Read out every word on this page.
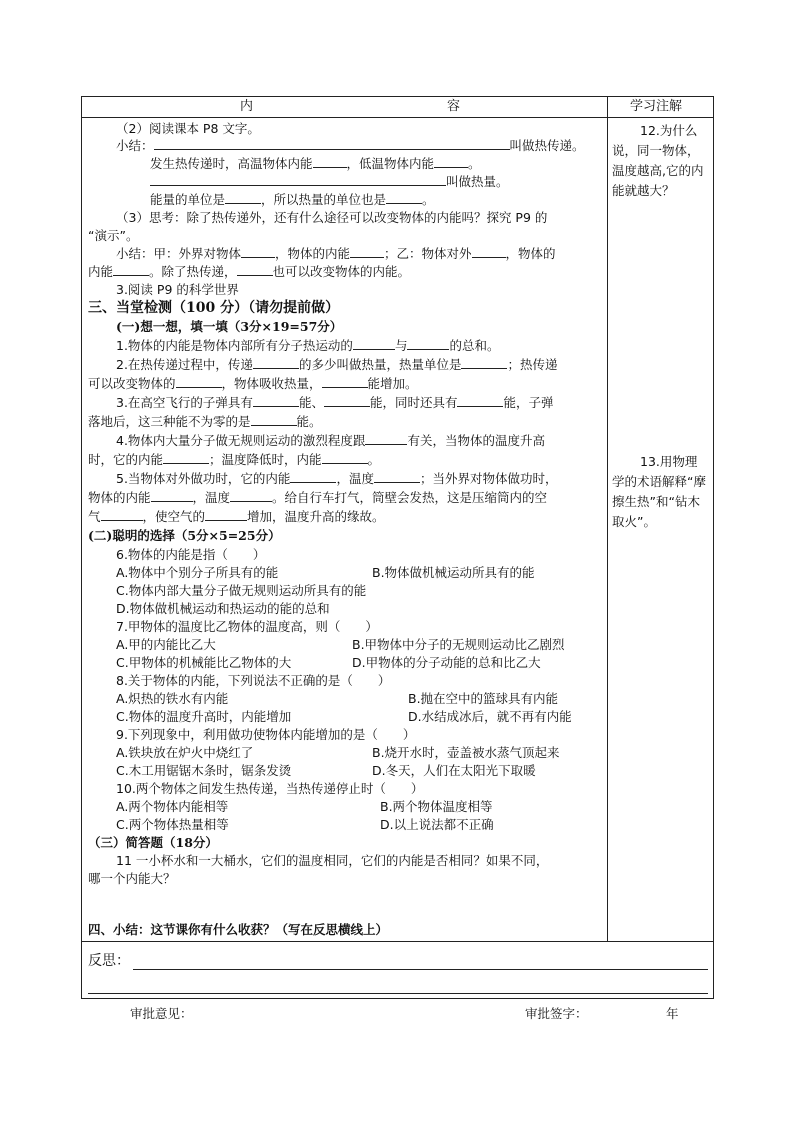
内	容	学习注解
（2）阅读课本 P8 文字。
小结：	叫做热传递。
发生热传递时，高温物体内能	，低温物体内能	。
叫做热量。
能量的单位是	，所以热量的单位也是	。
（3）思考：除了热传递外，还有什么途径可以改变物体的内能吗？探究 P9 的
“演示”。
小结：甲：外界对物体	，物体的内能	；乙：物体对外	，物体的
内能	。除了热传递，	也可以改变物体的内能。
3.阅读 P9 的科学世界
三、当堂检测（100 分）（请勿提前做）
(一)想一想，填一填（3分×19=57分）
1.物体的内能是物体内部所有分子热运动的	与	的总和。
2.在热传递过程中，传递	的多少叫做热量，热量单位是	；热传递
可以改变物体的	，物体吸收热量，	能增加。
3.在高空飞行的子弹具有	能、	能，同时还具有	能，子弹
落地后，这三种能不为零的是	能。
4.物体内大量分子做无规则运动的激烈程度跟	有关，当物体的温度升高
时，它的内能	；温度降低时，内能	。
5.当物体对外做功时，它的内能	，温度	；当外界对物体做功时，
物体的内能	，温度	。给自行车打气，筒壁会发热，这是压缩筒内的空
气	，使空气的	增加，温度升高的缘故。
(二)聪明的选择（5分×5=25分）
6.物体的内能是指（　　）
A.物体中个别分子所具有的能	B.物体做机械运动所具有的能
C.物体内部大量分子做无规则运动所具有的能
D.物体做机械运动和热运动的能的总和
7.甲物体的温度比乙物体的温度高，则（　　）
A.甲的内能比乙大	B.甲物体中分子的无规则运动比乙剧烈
C.甲物体的机械能比乙物体的大	D.甲物体的分子动能的总和比乙大
8.关于物体的内能，下列说法不正确的是（　　）
A.炽热的铁水有内能	B.抛在空中的篮球具有内能
C.物体的温度升高时，内能增加	D.水结成冰后，就不再有内能
9.下列现象中，利用做功使物体内能增加的是（　　）
A.铁块放在炉火中烧红了	B.烧开水时，壶盖被水蒸气顶起来
C.木工用锯锯木条时，锯条发烫	D.冬天，人们在太阳光下取暖
10.两个物体之间发生热传递，当热传递停止时（　　）
A.两个物体内能相等	B.两个物体温度相等
C.两个物体热量相等	D.以上说法都不正确
（三）简答题（18分）
11 一小杯水和一大桶水，它们的温度相同，它们的内能是否相同？如果不同，
哪一个内能大？
四、小结：这节课你有什么收获？（写在反思横线上）
反思：
12.为什么说，同一物体，温度越高,它的内能就越大？
13.用物理学的术语解释“摩擦生热”和“钻木取火”。
审批意见：	审批签字：	年
